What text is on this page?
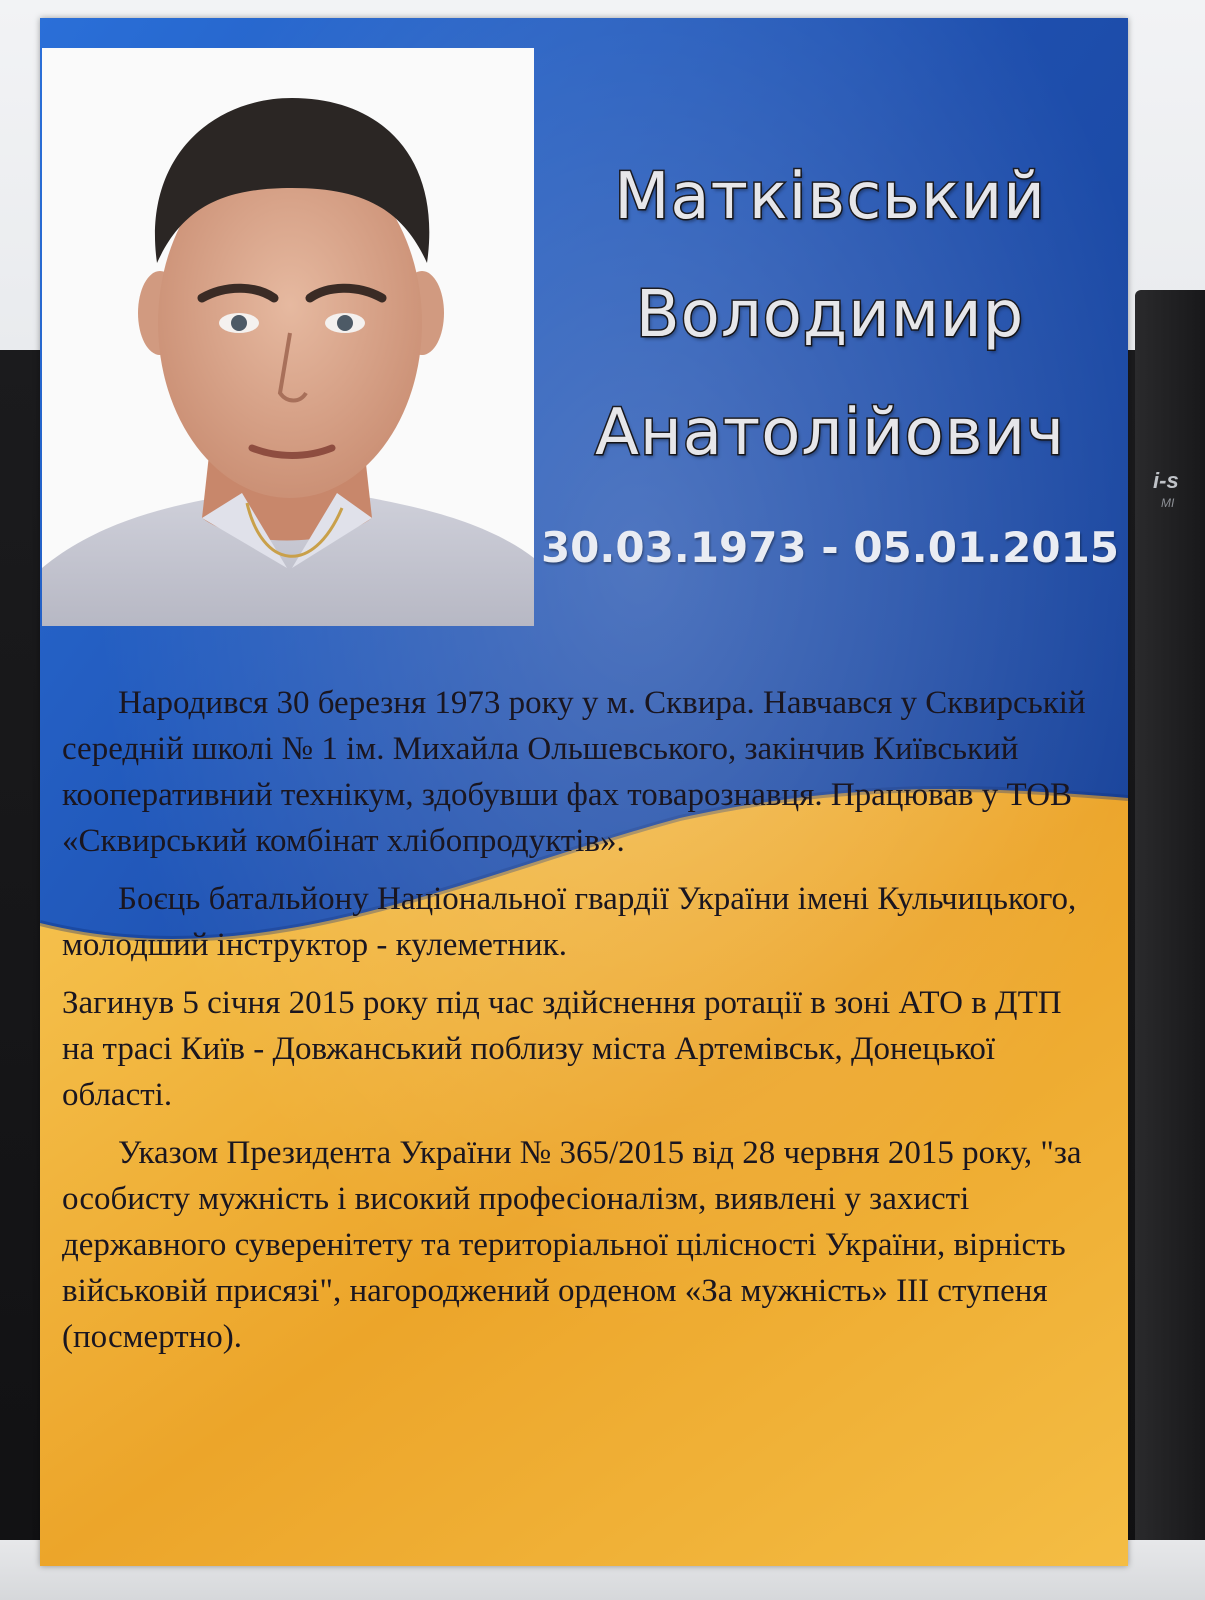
i-s
MI
Матківський
Володимир
Анатолійович
30.03.1973 - 05.01.2015

Народився 30 березня 1973 року у м. Сквира. Навчався у Сквирській середній школі № 1 ім. Михайла Ольшевського, закінчив Київський кооперативний технікум, здобувши фах товарознавця. Працював у ТОВ «Сквирський комбінат хлібопродуктів».

Боєць батальйону Національної гвардії України імені Кульчицького, молодший інструктор - кулеметник.

Загинув 5 січня 2015 року під час здійснення ротації в зоні АТО в ДТП на трасі Київ - Довжанський поблизу міста Артемівськ, Донецької області.

Указом Президента України № 365/2015 від 28 червня 2015 року, "за особисту мужність і високий професіоналізм, виявлені у захисті державного суверенітету та територіальної цілісності України, вірність військовій присязі", нагороджений орденом «За мужність» III ступеня (посмертно).
